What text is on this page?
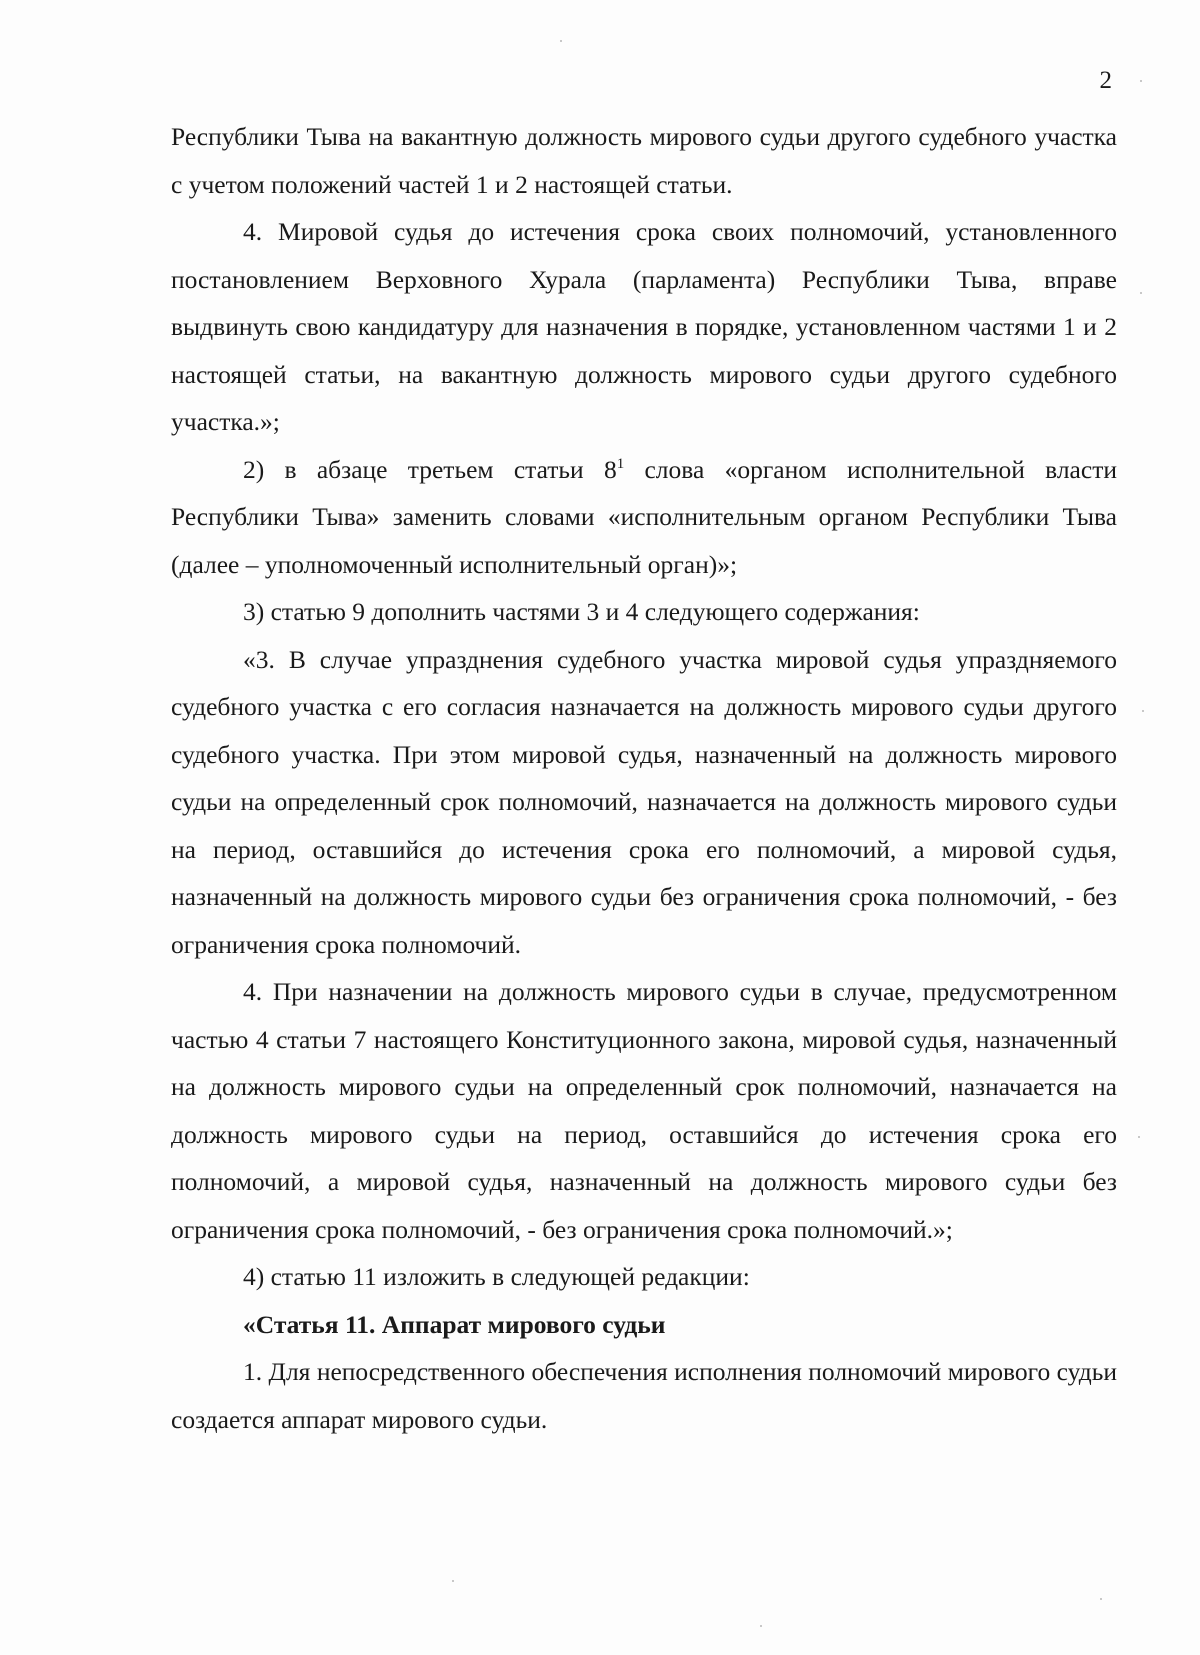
2

Республики Тыва на вакантную должность мирового судьи другого судебного участка с учетом положений частей 1 и 2 настоящей статьи.

4. Мировой судья до истечения срока своих полномочий, установленного постановлением Верховного Хурала (парламента) Республики Тыва, вправе выдвинуть свою кандидатуру для назначения в порядке, установленном частями 1 и 2 настоящей статьи, на вакантную должность мирового судьи другого судебного участка.»;

2) в абзаце третьем статьи $8^1$ слова «органом исполнительной власти Республики Тыва» заменить словами «исполнительным органом Республики Тыва (далее – уполномоченный исполнительный орган)»;

3) статью 9 дополнить частями 3 и 4 следующего содержания:

«3. В случае упразднения судебного участка мировой судья упраздняемого судебного участка с его согласия назначается на должность мирового судьи другого судебного участка. При этом мировой судья, назначенный на должность мирового судьи на определенный срок полномочий, назначается на должность мирового судьи на период, оставшийся до истечения срока его полномочий, а мировой судья, назначенный на должность мирового судьи без ограничения срока полномочий, - без ограничения срока полномочий.

4. При назначении на должность мирового судьи в случае, предусмотренном частью 4 статьи 7 настоящего Конституционного закона, мировой судья, назначенный на должность мирового судьи на определенный срок полномочий, назначается на должность мирового судьи на период, оставшийся до истечения срока его полномочий, а мировой судья, назначенный на должность мирового судьи без ограничения срока полномочий, - без ограничения срока полномочий.»;

4) статью 11 изложить в следующей редакции:

«Статья 11. Аппарат мирового судьи

1. Для непосредственного обеспечения исполнения полномочий мирового судьи создается аппарат мирового судьи.
